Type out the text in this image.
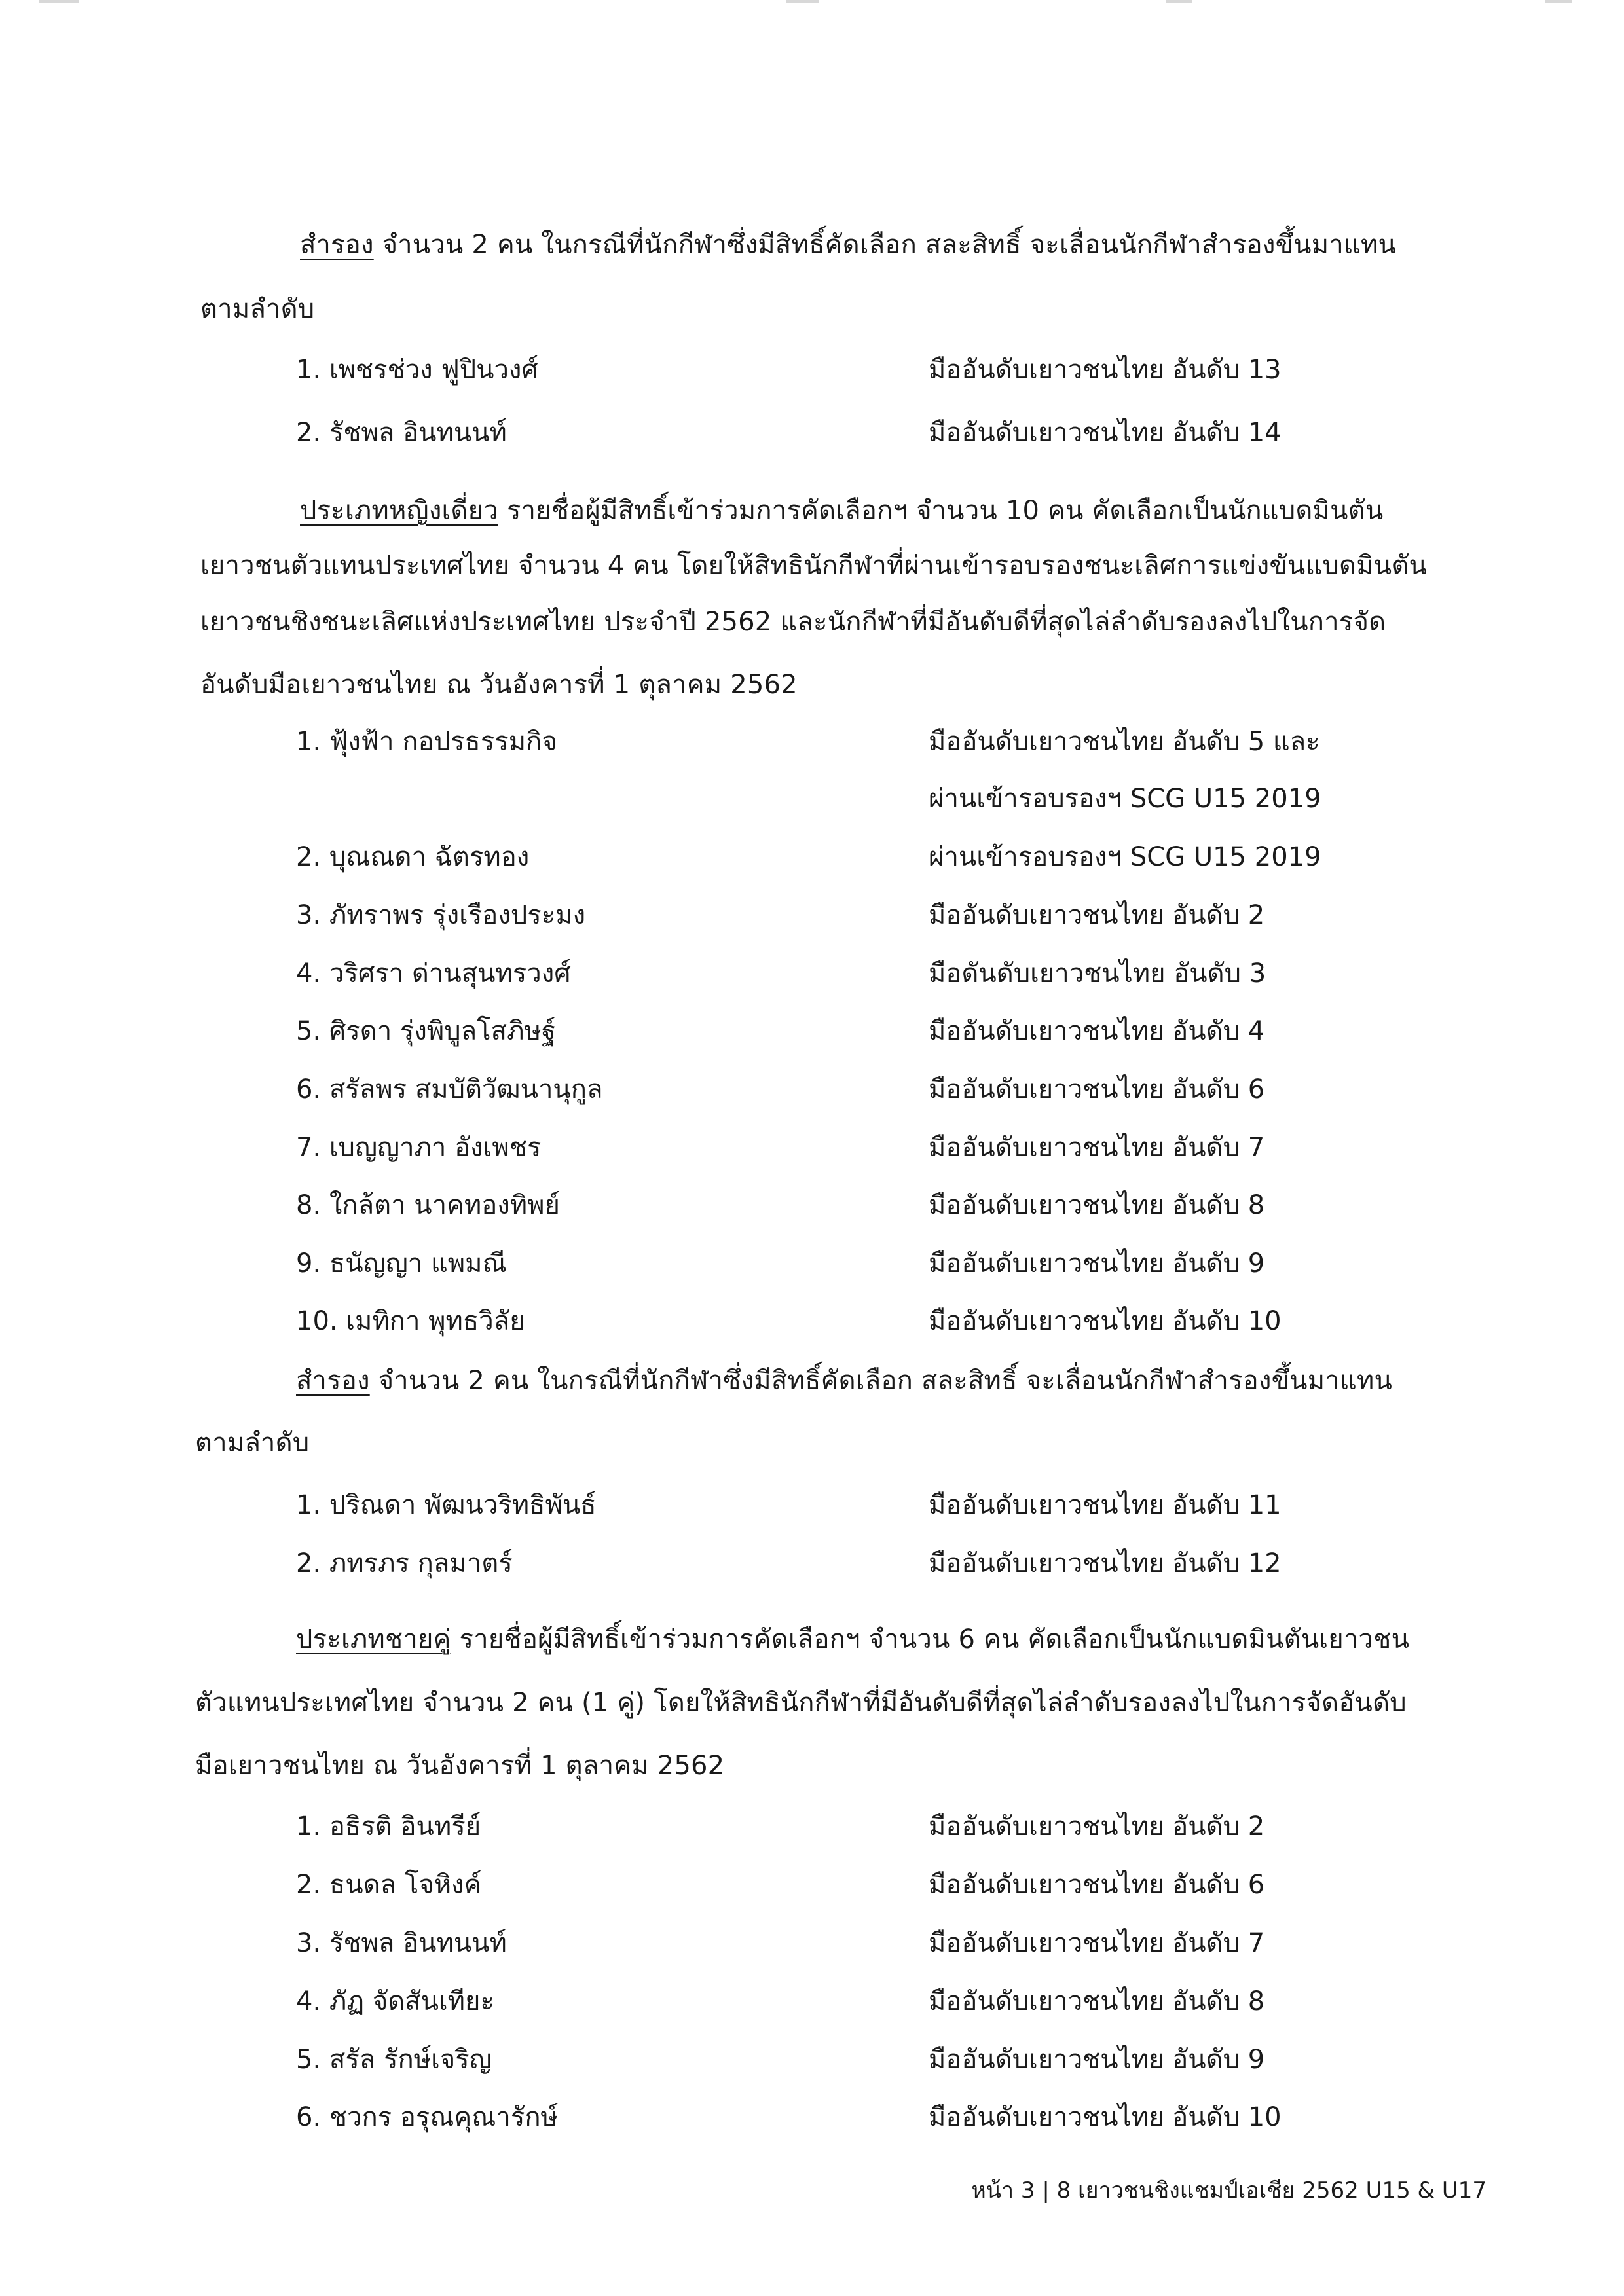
สำรอง จำนวน 2 คน ในกรณีที่นักกีฬาซึ่งมีสิทธิ์คัดเลือก สละสิทธิ์ จะเลื่อนนักกีฬาสำรองขึ้นมาแทน
ตามลำดับ
1. เพชรช่วง ฟูปินวงศ์	มืออันดับเยาวชนไทย อันดับ 13
2. รัชพล อินทนนท์	มืออันดับเยาวชนไทย อันดับ 14
ประเภทหญิงเดี่ยว รายชื่อผู้มีสิทธิ์เข้าร่วมการคัดเลือกฯ จำนวน 10 คน คัดเลือกเป็นนักแบดมินตัน
เยาวชนตัวแทนประเทศไทย จำนวน 4 คน โดยให้สิทธินักกีฬาที่ผ่านเข้ารอบรองชนะเลิศการแข่งขันแบดมินตัน
เยาวชนชิงชนะเลิศแห่งประเทศไทย ประจำปี 2562 และนักกีฬาที่มีอันดับดีที่สุดไล่ลำดับรองลงไปในการจัด
อันดับมือเยาวชนไทย ณ วันอังคารที่ 1 ตุลาคม 2562
1. ฟุ้งฟ้า กอปรธรรมกิจ	มืออันดับเยาวชนไทย อันดับ 5 และ
ผ่านเข้ารอบรองฯ SCG U15 2019
2. บุณณดา ฉัตรทอง	ผ่านเข้ารอบรองฯ SCG U15 2019
3. ภัทราพร รุ่งเรืองประมง	มืออันดับเยาวชนไทย อันดับ 2
4. วริศรา ด่านสุนทรวงศ์	มือดันดับเยาวชนไทย อันดับ 3
5. ศิรดา รุ่งพิบูลโสภิษฐ์	มืออันดับเยาวชนไทย อันดับ 4
6. สรัลพร สมบัติวัฒนานุกูล	มืออันดับเยาวชนไทย อันดับ 6
7. เบญญาภา อังเพชร	มืออันดับเยาวชนไทย อันดับ 7
8. ใกล้ตา นาคทองทิพย์	มืออันดับเยาวชนไทย อันดับ 8
9. ธนัญญา แพมณี	มืออันดับเยาวชนไทย อันดับ 9
10. เมทิกา พุทธวิลัย	มืออันดับเยาวชนไทย อันดับ 10
สำรอง จำนวน 2 คน ในกรณีที่นักกีฬาซึ่งมีสิทธิ์คัดเลือก สละสิทธิ์ จะเลื่อนนักกีฬาสำรองขึ้นมาแทน
ตามลำดับ
1. ปริณดา พัฒนวริทธิพันธ์	มืออันดับเยาวชนไทย อันดับ 11
2. ภทรภร กุลมาตร์	มืออันดับเยาวชนไทย อันดับ 12
ประเภทชายคู่ รายชื่อผู้มีสิทธิ์เข้าร่วมการคัดเลือกฯ จำนวน 6 คน คัดเลือกเป็นนักแบดมินตันเยาวชน
ตัวแทนประเทศไทย จำนวน 2 คน (1 คู่) โดยให้สิทธินักกีฬาที่มีอันดับดีที่สุดไล่ลำดับรองลงไปในการจัดอันดับ
มือเยาวชนไทย ณ วันอังคารที่ 1 ตุลาคม 2562
1. อธิรติ อินทรีย์	มืออันดับเยาวชนไทย อันดับ 2
2. ธนดล โจหิงค์	มืออันดับเยาวชนไทย อันดับ 6
3. รัชพล อินทนนท์	มืออันดับเยาวชนไทย อันดับ 7
4. ภัฏ จัดสันเทียะ	มืออันดับเยาวชนไทย อันดับ 8
5. สรัล รักษ์เจริญ	มืออันดับเยาวชนไทย อันดับ 9
6. ชวกร อรุณคุณารักษ์	มืออันดับเยาวชนไทย อันดับ 10
หน้า 3 | 8 เยาวชนชิงแชมป์เอเชีย 2562 U15 & U17
